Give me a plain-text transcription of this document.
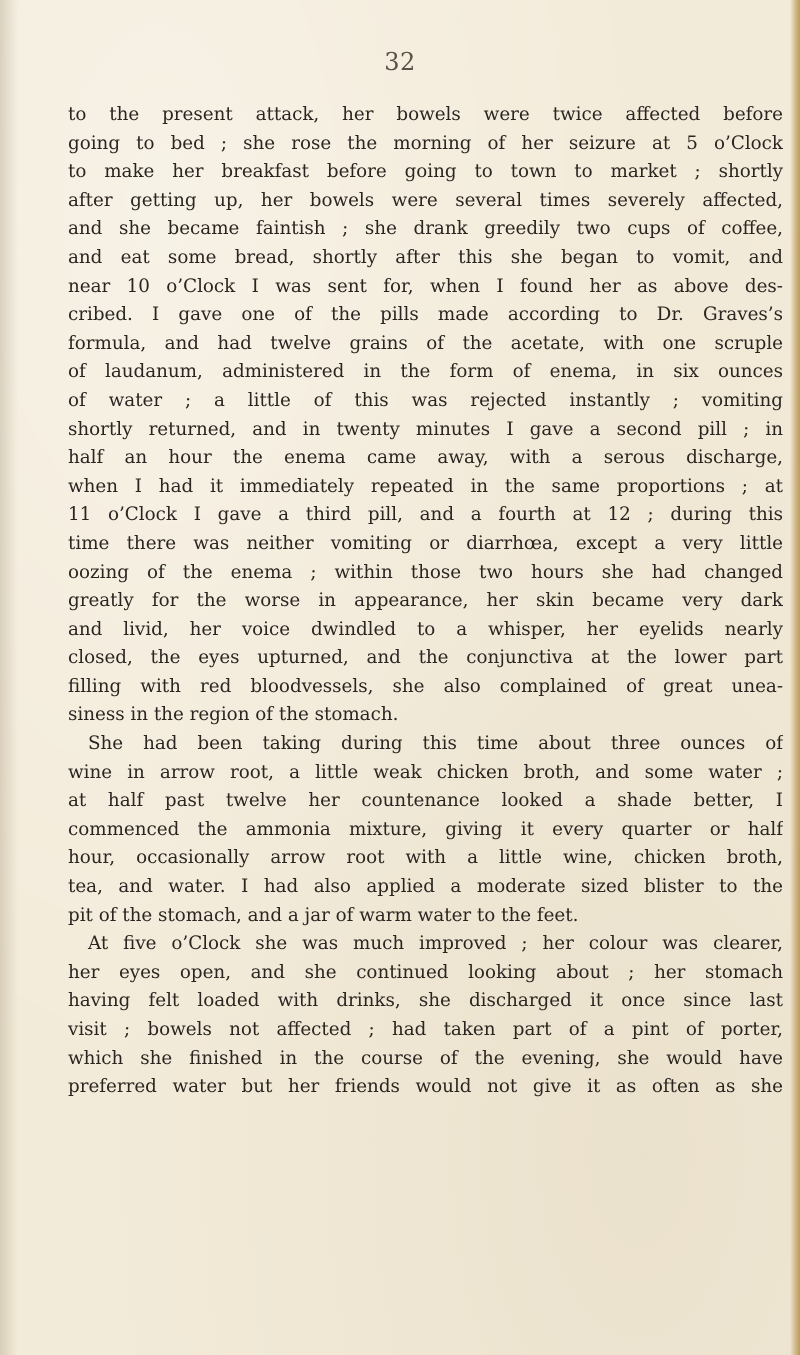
32
to the present attack, her bowels were twice affected before
going to bed ; she rose the morning of her seizure at 5 o’Clock
to make her breakfast before going to town to market ; shortly
after getting up, her bowels were several times severely affected,
and she became faintish ; she drank greedily two cups of coffee,
and eat some bread, shortly after this she began to vomit, and
near 10 o’Clock I was sent for, when I found her as above des-
cribed. I gave one of the pills made according to Dr. Graves’s
formula, and had twelve grains of the acetate, with one scruple
of laudanum, administered in the form of enema, in six ounces
of water ; a little of this was rejected instantly ; vomiting
shortly returned, and in twenty minutes I gave a second pill ; in
half an hour the enema came away, with a serous discharge,
when I had it immediately repeated in the same proportions ; at
11 o’Clock I gave a third pill, and a fourth at 12 ; during this
time there was neither vomiting or diarrhœa, except a very little
oozing of the enema ; within those two hours she had changed
greatly for the worse in appearance, her skin became very dark
and livid, her voice dwindled to a whisper, her eyelids nearly
closed, the eyes upturned, and the conjunctiva at the lower part
filling with red bloodvessels, she also complained of great unea-
siness in the region of the stomach.
She had been taking during this time about three ounces of
wine in arrow root, a little weak chicken broth, and some water ;
at half past twelve her countenance looked a shade better, I
commenced the ammonia mixture, giving it every quarter or half
hour, occasionally arrow root with a little wine, chicken broth,
tea, and water. I had also applied a moderate sized blister to the
pit of the stomach, and a jar of warm water to the feet.
At five o’Clock she was much improved ; her colour was clearer,
her eyes open, and she continued looking about ; her stomach
having felt loaded with drinks, she discharged it once since last
visit ; bowels not affected ; had taken part of a pint of porter,
which she finished in the course of the evening, she would have
preferred water but her friends would not give it as often as she
